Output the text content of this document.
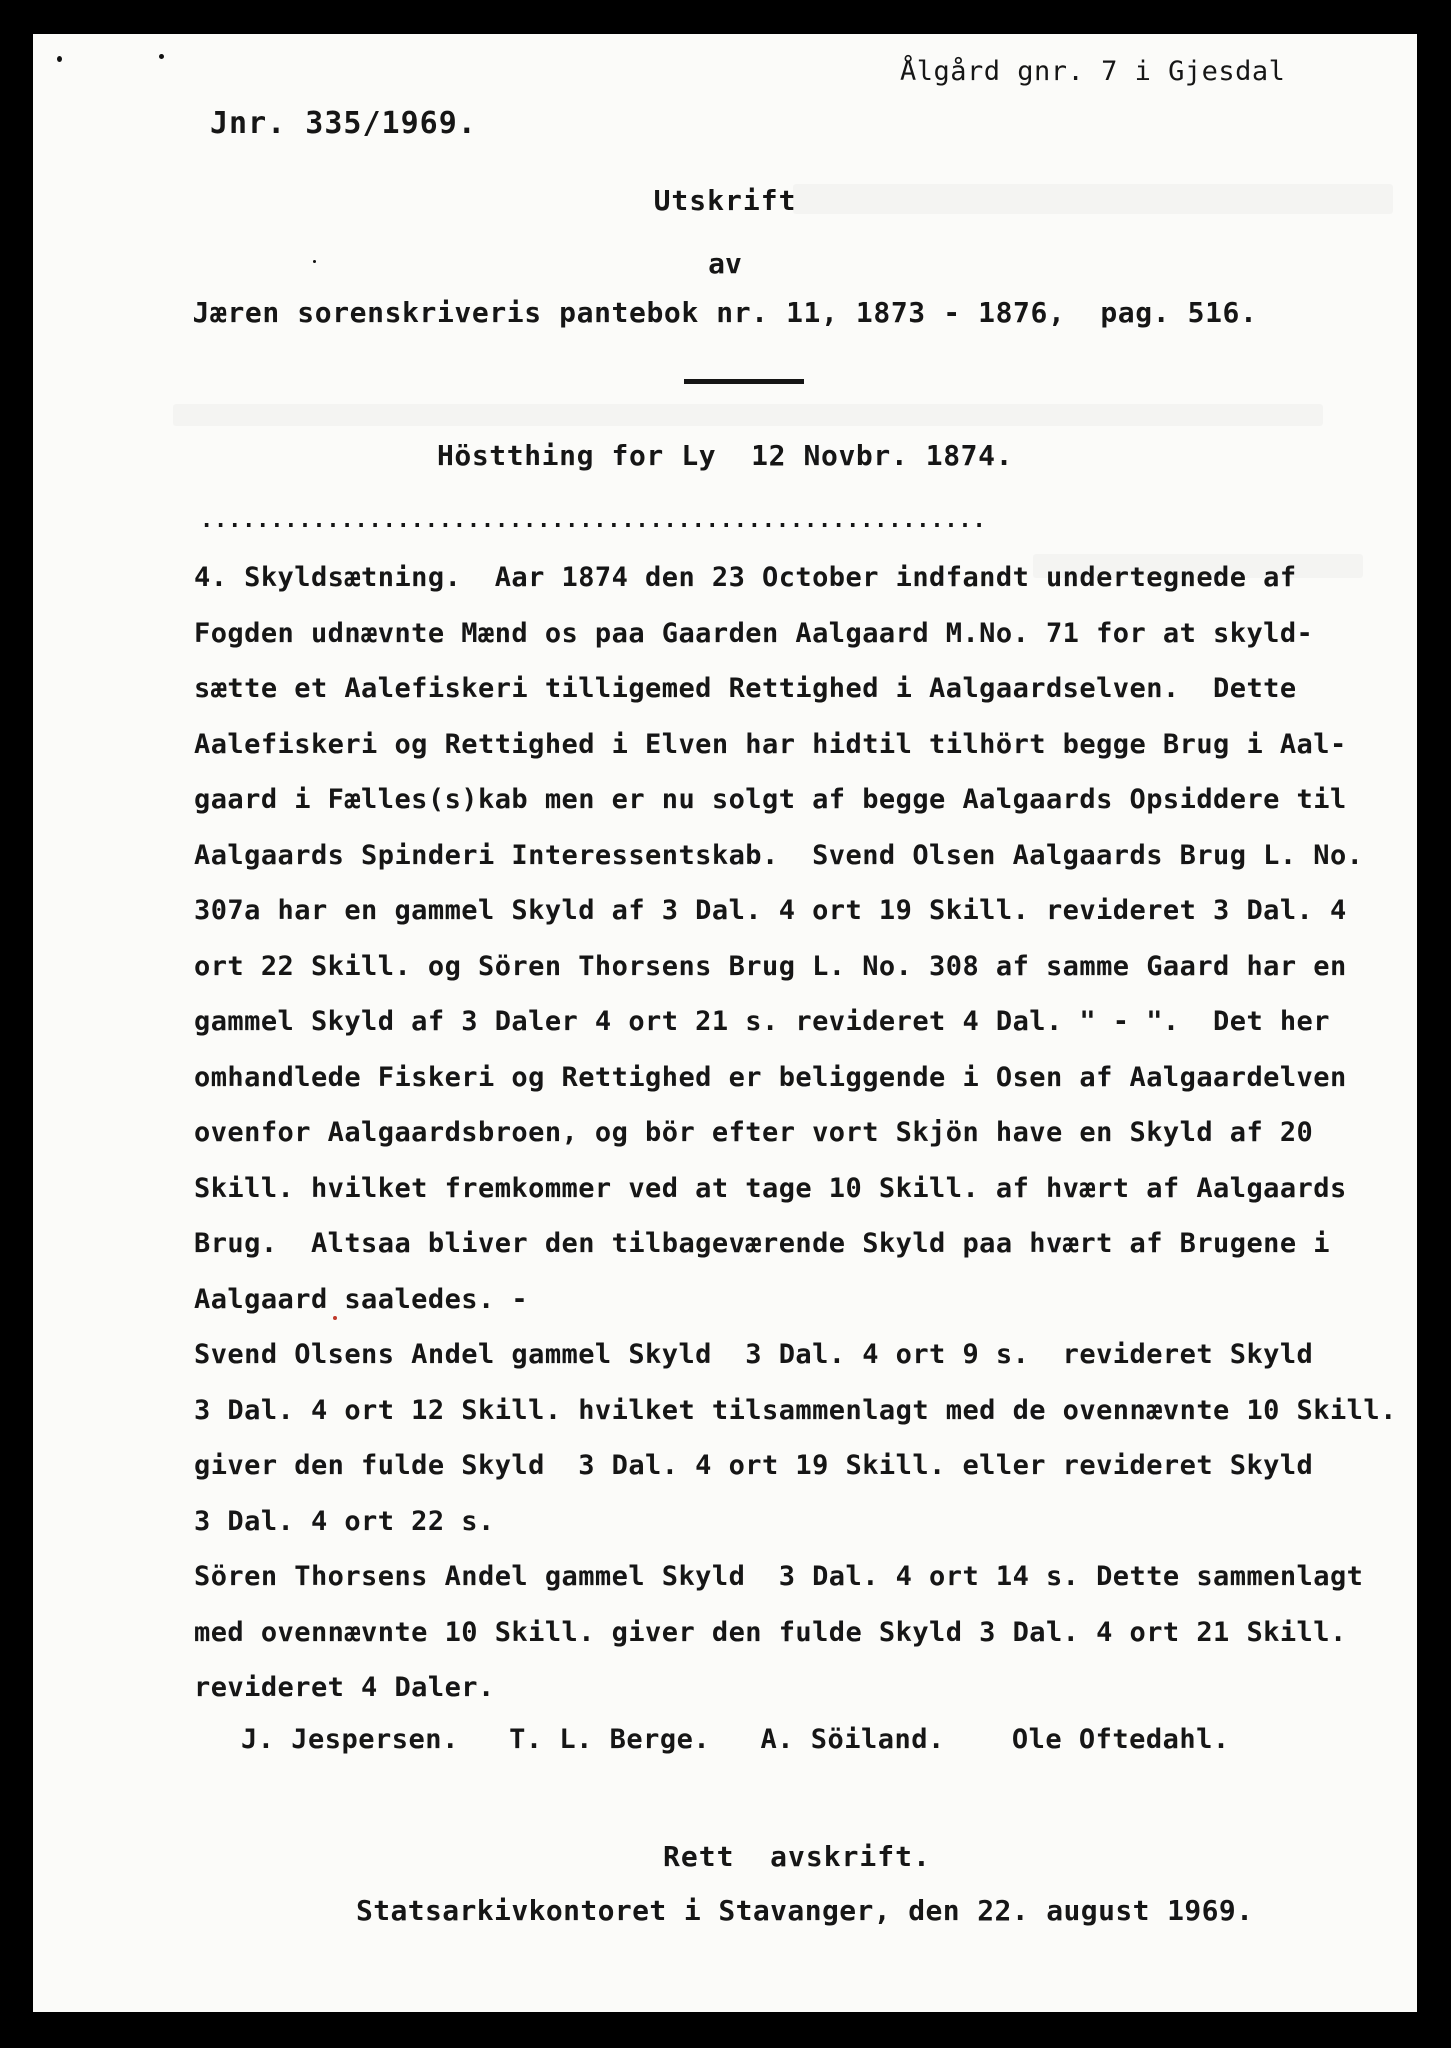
Ålgård gnr. 7 i Gjesdal

Jnr. 335/1969.

Utskrift

av

Jæren sorenskriveris pantebok nr. 11, 1873 - 1876,  pag. 516.

Höstthing for Ly  12 Novbr. 1874.

........................................................

4. Skyldsætning.  Aar 1874 den 23 October indfandt undertegnede af
Fogden udnævnte Mænd os paa Gaarden Aalgaard M.No. 71 for at skyld-
sætte et Aalefiskeri tilligemed Rettighed i Aalgaardselven.  Dette
Aalefiskeri og Rettighed i Elven har hidtil tilhört begge Brug i Aal-
gaard i Fælles(s)kab men er nu solgt af begge Aalgaards Opsiddere til
Aalgaards Spinderi Interessentskab.  Svend Olsen Aalgaards Brug L. No.
307a har en gammel Skyld af 3 Dal. 4 ort 19 Skill. revideret 3 Dal. 4
ort 22 Skill. og Sören Thorsens Brug L. No. 308 af samme Gaard har en
gammel Skyld af 3 Daler 4 ort 21 s. revideret 4 Dal. " - ".  Det her
omhandlede Fiskeri og Rettighed er beliggende i Osen af Aalgaardelven
ovenfor Aalgaardsbroen, og bör efter vort Skjön have en Skyld af 20
Skill. hvilket fremkommer ved at tage 10 Skill. af hvært af Aalgaards
Brug.  Altsaa bliver den tilbageværende Skyld paa hvært af Brugene i
Aalgaard saaledes. -
Svend Olsens Andel gammel Skyld  3 Dal. 4 ort 9 s.  revideret Skyld
3 Dal. 4 ort 12 Skill. hvilket tilsammenlagt med de ovennævnte 10 Skill.
giver den fulde Skyld  3 Dal. 4 ort 19 Skill. eller revideret Skyld
3 Dal. 4 ort 22 s.
Sören Thorsens Andel gammel Skyld  3 Dal. 4 ort 14 s. Dette sammenlagt
med ovennævnte 10 Skill. giver den fulde Skyld 3 Dal. 4 ort 21 Skill.
revideret 4 Daler.

J. Jespersen. T. L. Berge. A. Söiland. Ole Oftedahl.

Rett  avskrift.

Statsarkivkontoret i Stavanger, den 22. august 1969.
